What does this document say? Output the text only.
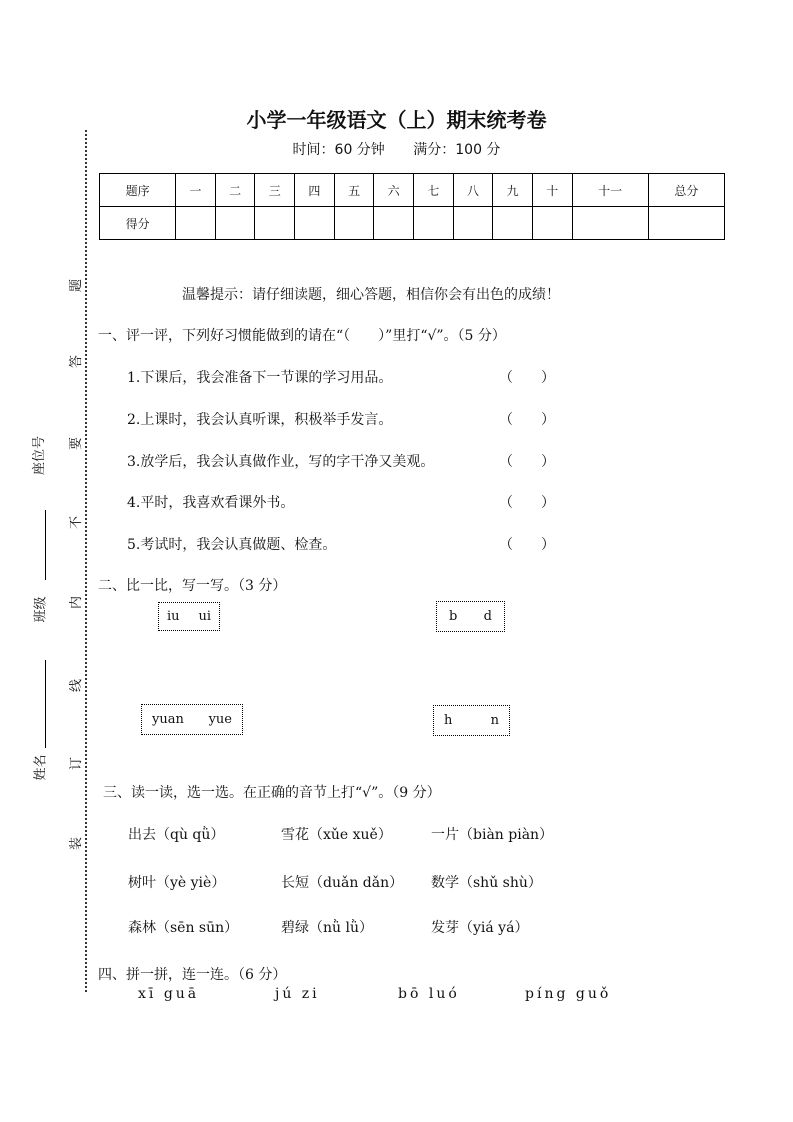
小学一年级语文（上）期末统考卷
时间：60 分钟 满分：100 分
题序	一	二	三	四	五	六	七	八	九	十	十一	总分
得分												
题
答
要
不
内
线
订
装
座位号
班级
姓名
温馨提示：请仔细读题，细心答题，相信你会有出色的成绩！
一、评一评，下列好习惯能做到的请在“（　　）”里打“√”。（5 分）
1.下课后，我会准备下一节课的学习用品。	（　　）
2.上课时，我会认真听课，积极举手发言。	（　　）
3.放学后，我会认真做作业，写的字干净又美观。	（　　）
4.平时，我喜欢看课外书。	（　　）
5.考试时，我会认真做题、检查。	（　　）
二、比一比，写一写。（3 分）
iu ui	b d
yuan yue	h	n
三、读一读，选一选。在正确的音节上打“√”。（9 分）
出去（qù qǜ）	雪花（xǔe xuě）	一片（biàn piàn）
树叶（yè yiè）	长短（duǎn dǎn） 数学（shǔ shù）
森林（sēn sūn）	碧绿（nǜ lǜ）	发芽（yiá yá）
四、拼一拼，连一连。（6 分）
xī guā	jú zi	bō luó	píng guǒ
